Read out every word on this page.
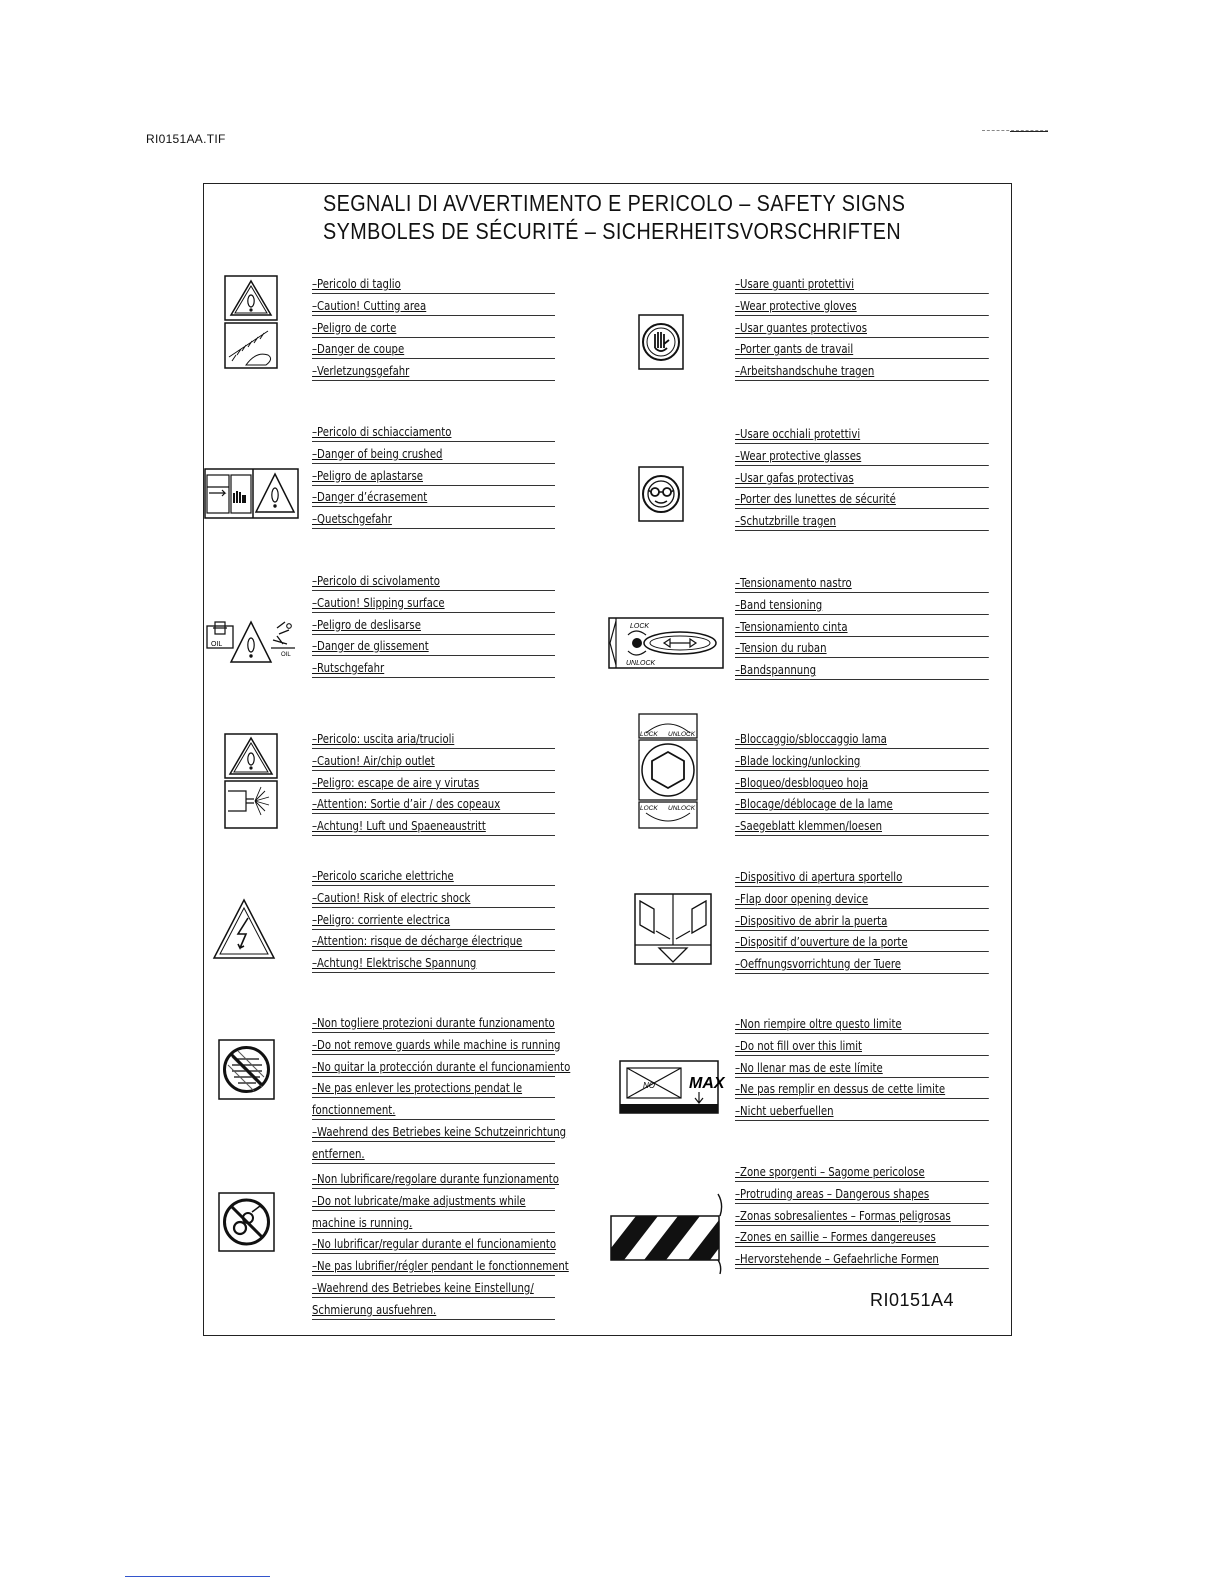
RI0151AA.TIF
SEGNALI DI AVVERTIMENTO E PERICOLO – SAFETY SIGNS
SYMBOLES DE SÉCURITÉ – SICHERHEITSVORSCHRIFTEN
–Pericolo di taglio
–Caution! Cutting area
–Peligro de corte
–Danger de coupe
–Verletzungsgefahr
–Pericolo di schiacciamento
–Danger of being crushed
–Peligro de aplastarse
–Danger d’écrasement
–Quetschgefahr
–Pericolo di scivolamento
–Caution! Slipping surface
–Peligro de deslisarse
–Danger de glissement
–Rutschgefahr
–Pericolo: uscita aria/trucioli
–Caution! Air/chip outlet
–Peligro: escape de aire y virutas
–Attention: Sortie d’air / des copeaux
–Achtung! Luft und Spaeneaustritt
–Pericolo scariche elettriche
–Caution! Risk of electric shock
–Peligro: corriente electrica
–Attention: risque de décharge électrique
–Achtung! Elektrische Spannung
–Non togliere protezioni durante funzionamento
–Do not remove guards while machine is running
–No quitar la protección durante el funcionamiento
–Ne pas enlever les protections pendat le
fonctionnement.
–Waehrend des Betriebes keine Schutzeinrichtung
entfernen.
–Non lubrificare/regolare durante funzionamento
–Do not lubricate/make adjustments while
machine is running.
–No lubrificar/regular durante el funcionamiento
–Ne pas lubrifier/régler pendant le fonctionnement
–Waehrend des Betriebes keine Einstellung/
Schmierung ausfuehren.
–Usare guanti protettivi
–Wear protective gloves
–Usar guantes protectivos
–Porter gants de travail
–Arbeitshandschuhe tragen
–Usare occhiali protettivi
–Wear protective glasses
–Usar gafas protectivas
–Porter des lunettes de sécurité
–Schutzbrille tragen
–Tensionamento nastro
–Band tensioning
–Tensionamiento cinta
–Tension du ruban
–Bandspannung
–Bloccaggio/sbloccaggio lama
–Blade locking/unlocking
–Bloqueo/desbloqueo hoja
–Blocage/déblocage de la lame
–Saegeblatt klemmen/loesen
–Dispositivo di apertura sportello
–Flap door opening device
–Dispositivo de abrir la puerta
–Dispositif d’ouverture de la porte
–Oeffnungsvorrichtung der Tuere
–Non riempire oltre questo limite
–Do not fill over this limit
–No llenar mas de este límite
–Ne pas remplir en dessus de cette limite
–Nicht ueberfuellen
–Zone sporgenti – Sagome pericolose
–Protruding areas – Dangerous shapes
–Zonas sobresalientes – Formas peligrosas
–Zones en saillie – Formes dangereuses
–Hervorstehende – Gefaehrliche Formen
OIL
OIL
LOCK
UNLOCK
LOCK UNLOCK
LOCK UNLOCK
NO MAX
RI0151A4
